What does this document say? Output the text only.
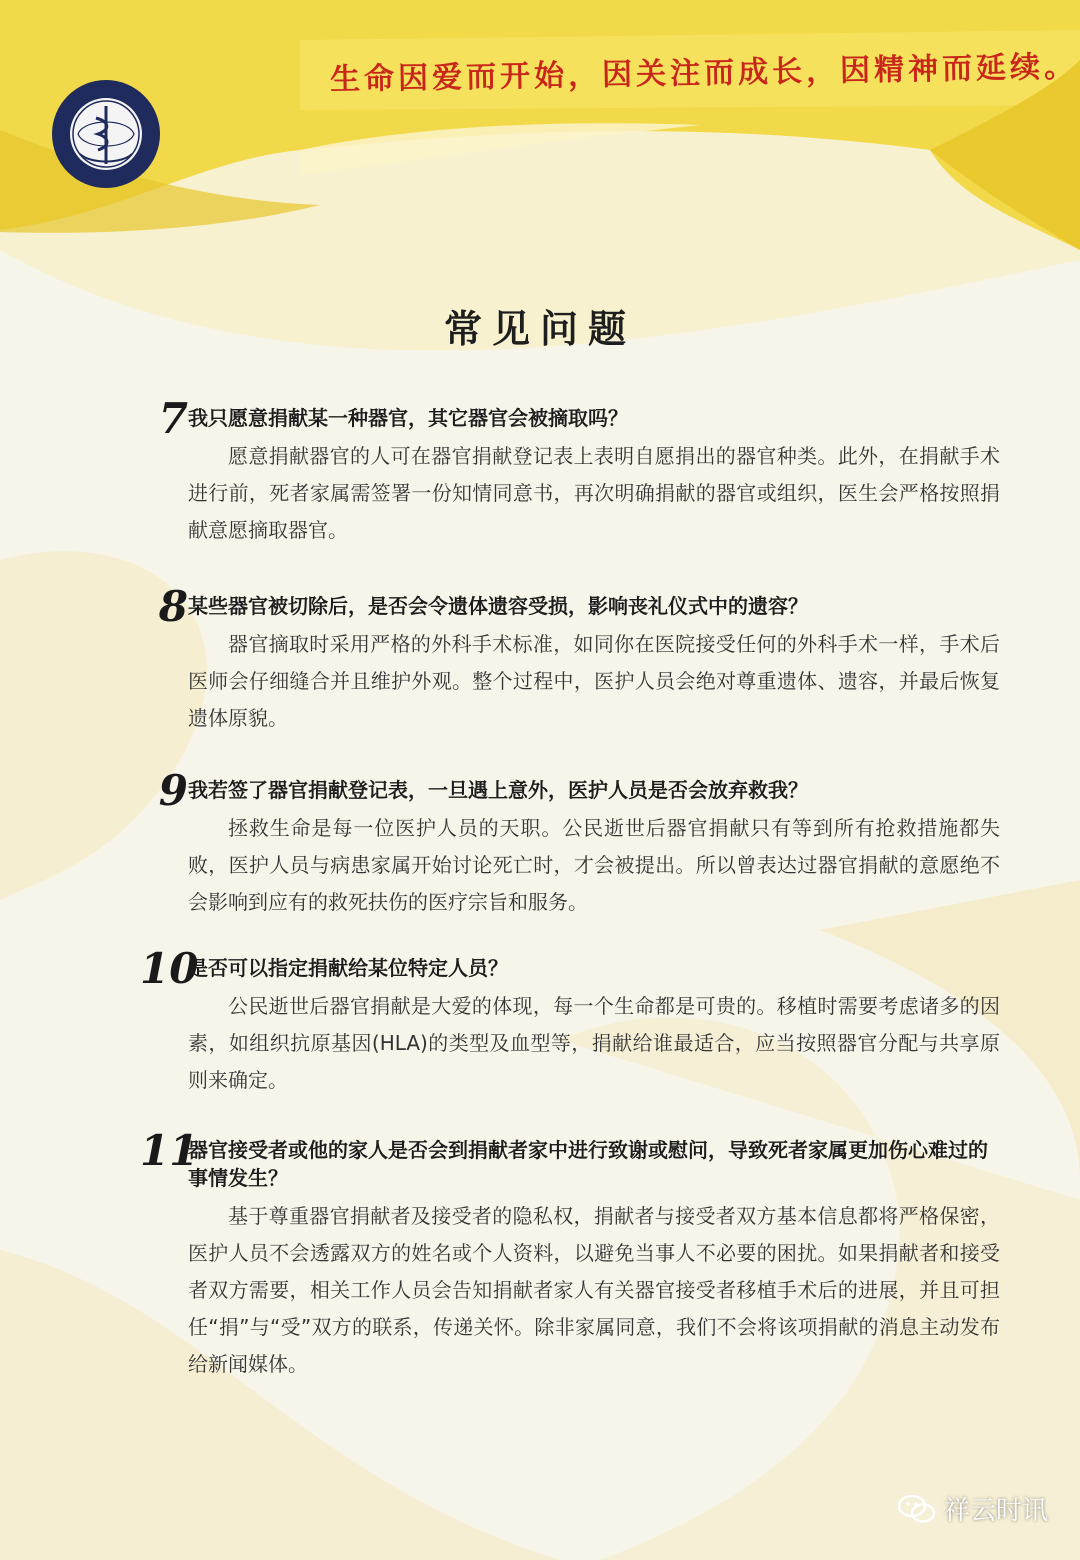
生命因爱而开始，因关注而成长，因精神而延续。
常见问题
7 我只愿意捐献某一种器官，其它器官会被摘取吗？
愿意捐献器官的人可在器官捐献登记表上表明自愿捐出的器官种类。此外，在捐献手术进行前，死者家属需签署一份知情同意书，再次明确捐献的器官或组织，医生会严格按照捐献意愿摘取器官。
8 某些器官被切除后，是否会令遗体遗容受损，影响丧礼仪式中的遗容？
器官摘取时采用严格的外科手术标准，如同你在医院接受任何的外科手术一样，手术后医师会仔细缝合并且维护外观。整个过程中，医护人员会绝对尊重遗体、遗容，并最后恢复遗体原貌。
9 我若签了器官捐献登记表，一旦遇上意外，医护人员是否会放弃救我？
拯救生命是每一位医护人员的天职。公民逝世后器官捐献只有等到所有抢救措施都失败，医护人员与病患家属开始讨论死亡时，才会被提出。所以曾表达过器官捐献的意愿绝不会影响到应有的救死扶伤的医疗宗旨和服务。
10
是否可以指定捐献给某位特定人员？
公民逝世后器官捐献是大爱的体现，每一个生命都是可贵的。移植时需要考虑诸多的因素，如组织抗原基因(HLA)的类型及血型等，捐献给谁最适合，应当按照器官分配与共享原则来确定。
11
器官接受者或他的家人是否会到捐献者家中进行致谢或慰问，导致死者家属更加伤心难过的事情发生？
基于尊重器官捐献者及接受者的隐私权，捐献者与接受者双方基本信息都将严格保密，医护人员不会透露双方的姓名或个人资料，以避免当事人不必要的困扰。如果捐献者和接受者双方需要，相关工作人员会告知捐献者家人有关器官接受者移植手术后的进展，并且可担任“捐”与“受”双方的联系，传递关怀。除非家属同意，我们不会将该项捐献的消息主动发布给新闻媒体。
祥云时讯
